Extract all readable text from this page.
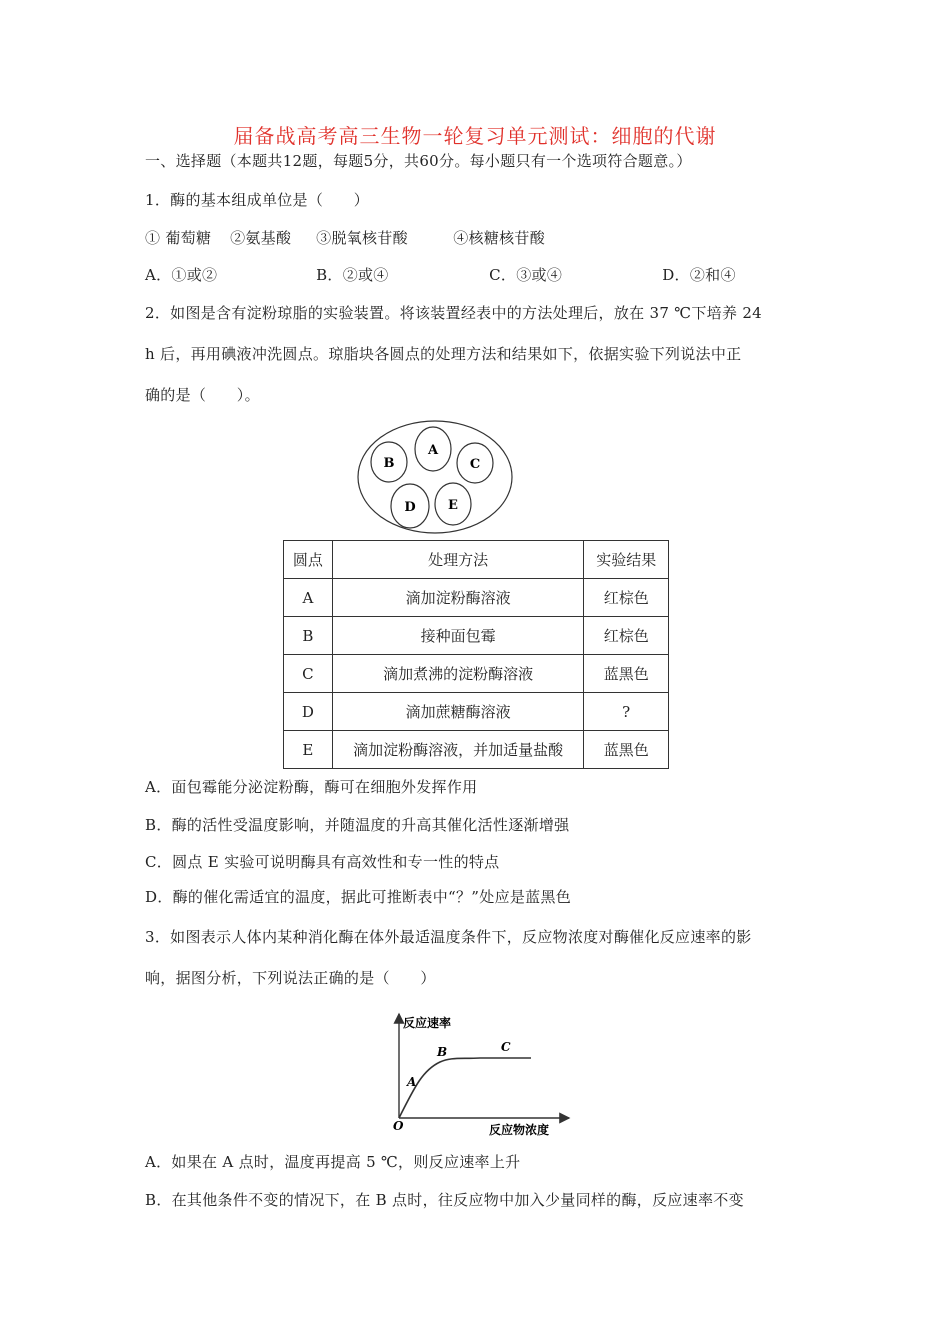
届备战高考高三生物一轮复习单元测试：细胞的代谢
一、选择题（本题共12题，每题5分，共60分。每小题只有一个选项符合题意。）
1．酶的基本组成单位是（　　）
① 葡萄糖 ②氨基酸 ③脱氧核苷酸	④核糖核苷酸
A．①或②	B．②或④	C．③或④	D．②和④
2．如图是含有淀粉琼脂的实验装置。将该装置经表中的方法处理后，放在 37 ℃下培养 24
h 后，再用碘液冲洗圆点。琼脂块各圆点的处理方法和结果如下，依据实验下列说法中正
确的是（　　）。
A
B	C
D E
圆点	处理方法	实验结果
A	滴加淀粉酶溶液	红棕色
B	接种面包霉	红棕色
C	滴加煮沸的淀粉酶溶液	蓝黑色
D	滴加蔗糖酶溶液	?
E	滴加淀粉酶溶液，并加适量盐酸	蓝黑色
A．面包霉能分泌淀粉酶，酶可在细胞外发挥作用
B．酶的活性受温度影响，并随温度的升高其催化活性逐渐增强
C．圆点 E 实验可说明酶具有高效性和专一性的特点
D．酶的催化需适宜的温度，据此可推断表中“？”处应是蓝黑色
3．如图表示人体内某种消化酶在体外最适温度条件下，反应物浓度对酶催化反应速率的影
响，据图分析，下列说法正确的是（　　）
反应速率
反应物浓度
O
A
B	C
A．如果在 A 点时，温度再提高 5 ℃，则反应速率上升
B．在其他条件不变的情况下，在 B 点时，往反应物中加入少量同样的酶，反应速率不变
